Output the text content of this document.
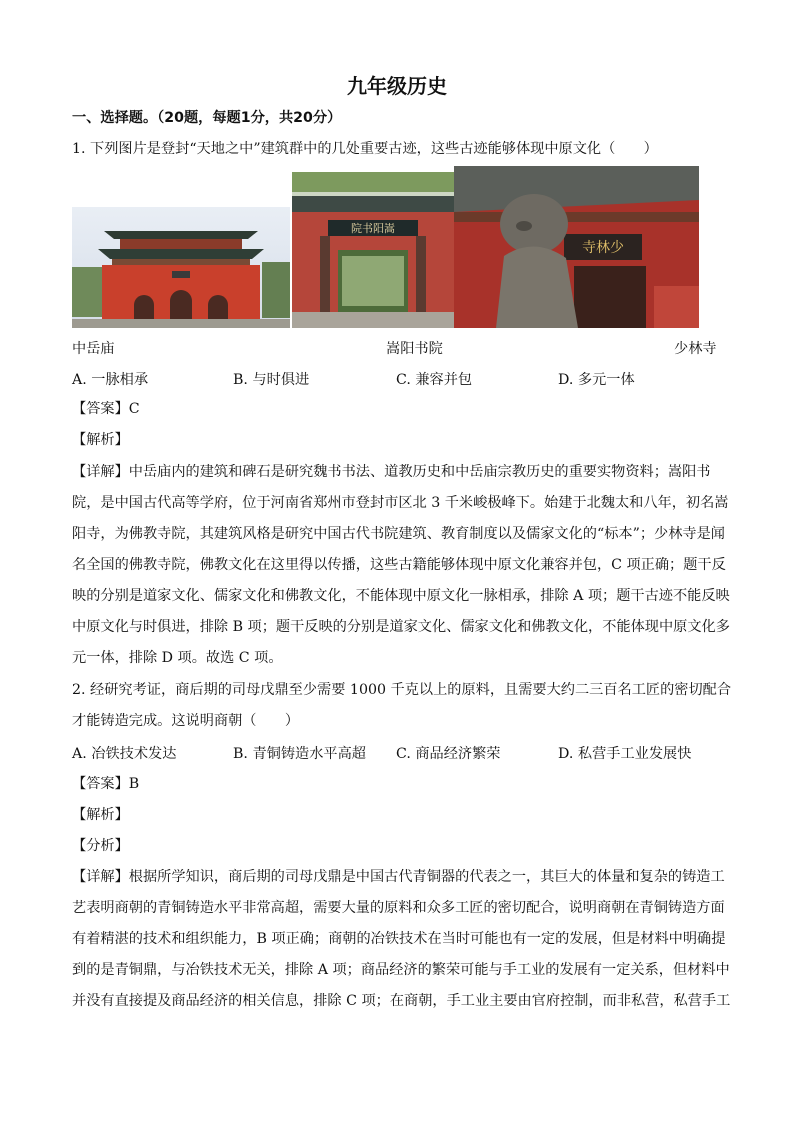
九年级历史
一、选择题。（20题，每题1分，共20分）
1. 下列图片是登封“天地之中”建筑群中的几处重要古迹，这些古迹能够体现中原文化（　　）
院书阳嵩
寺林少
中岳庙	嵩阳书院	少林寺
A. 一脉相承	B. 与时俱进	C. 兼容并包	D. 多元一体
【答案】C
【解析】
【详解】中岳庙内的建筑和碑石是研究魏书书法、道教历史和中岳庙宗教历史的重要实物资料；嵩阳书
院，是中国古代高等学府，位于河南省郑州市登封市区北 3 千米峻极峰下。始建于北魏太和八年，初名嵩
阳寺，为佛教寺院，其建筑风格是研究中国古代书院建筑、教育制度以及儒家文化的“标本”；少林寺是闻
名全国的佛教寺院，佛教文化在这里得以传播，这些古籍能够体现中原文化兼容并包，C 项正确；题干反
映的分别是道家文化、儒家文化和佛教文化，不能体现中原文化一脉相承，排除 A 项；题干古迹不能反映
中原文化与时俱进，排除 B 项；题干反映的分别是道家文化、儒家文化和佛教文化，不能体现中原文化多
元一体，排除 D 项。故选 C 项。
2. 经研究考证，商后期的司母戊鼎至少需要 1000 千克以上的原料，且需要大约二三百名工匠的密切配合
才能铸造完成。这说明商朝（　　）
A. 冶铁技术发达	B. 青铜铸造水平高超 C. 商品经济繁荣	D. 私营手工业发展快
【答案】B
【解析】
【分析】
【详解】根据所学知识，商后期的司母戊鼎是中国古代青铜器的代表之一，其巨大的体量和复杂的铸造工
艺表明商朝的青铜铸造水平非常高超，需要大量的原料和众多工匠的密切配合，说明商朝在青铜铸造方面
有着精湛的技术和组织能力，B 项正确；商朝的冶铁技术在当时可能也有一定的发展，但是材料中明确提
到的是青铜鼎，与冶铁技术无关，排除 A 项；商品经济的繁荣可能与手工业的发展有一定关系，但材料中
并没有直接提及商品经济的相关信息，排除 C 项；在商朝，手工业主要由官府控制，而非私营，私营手工
